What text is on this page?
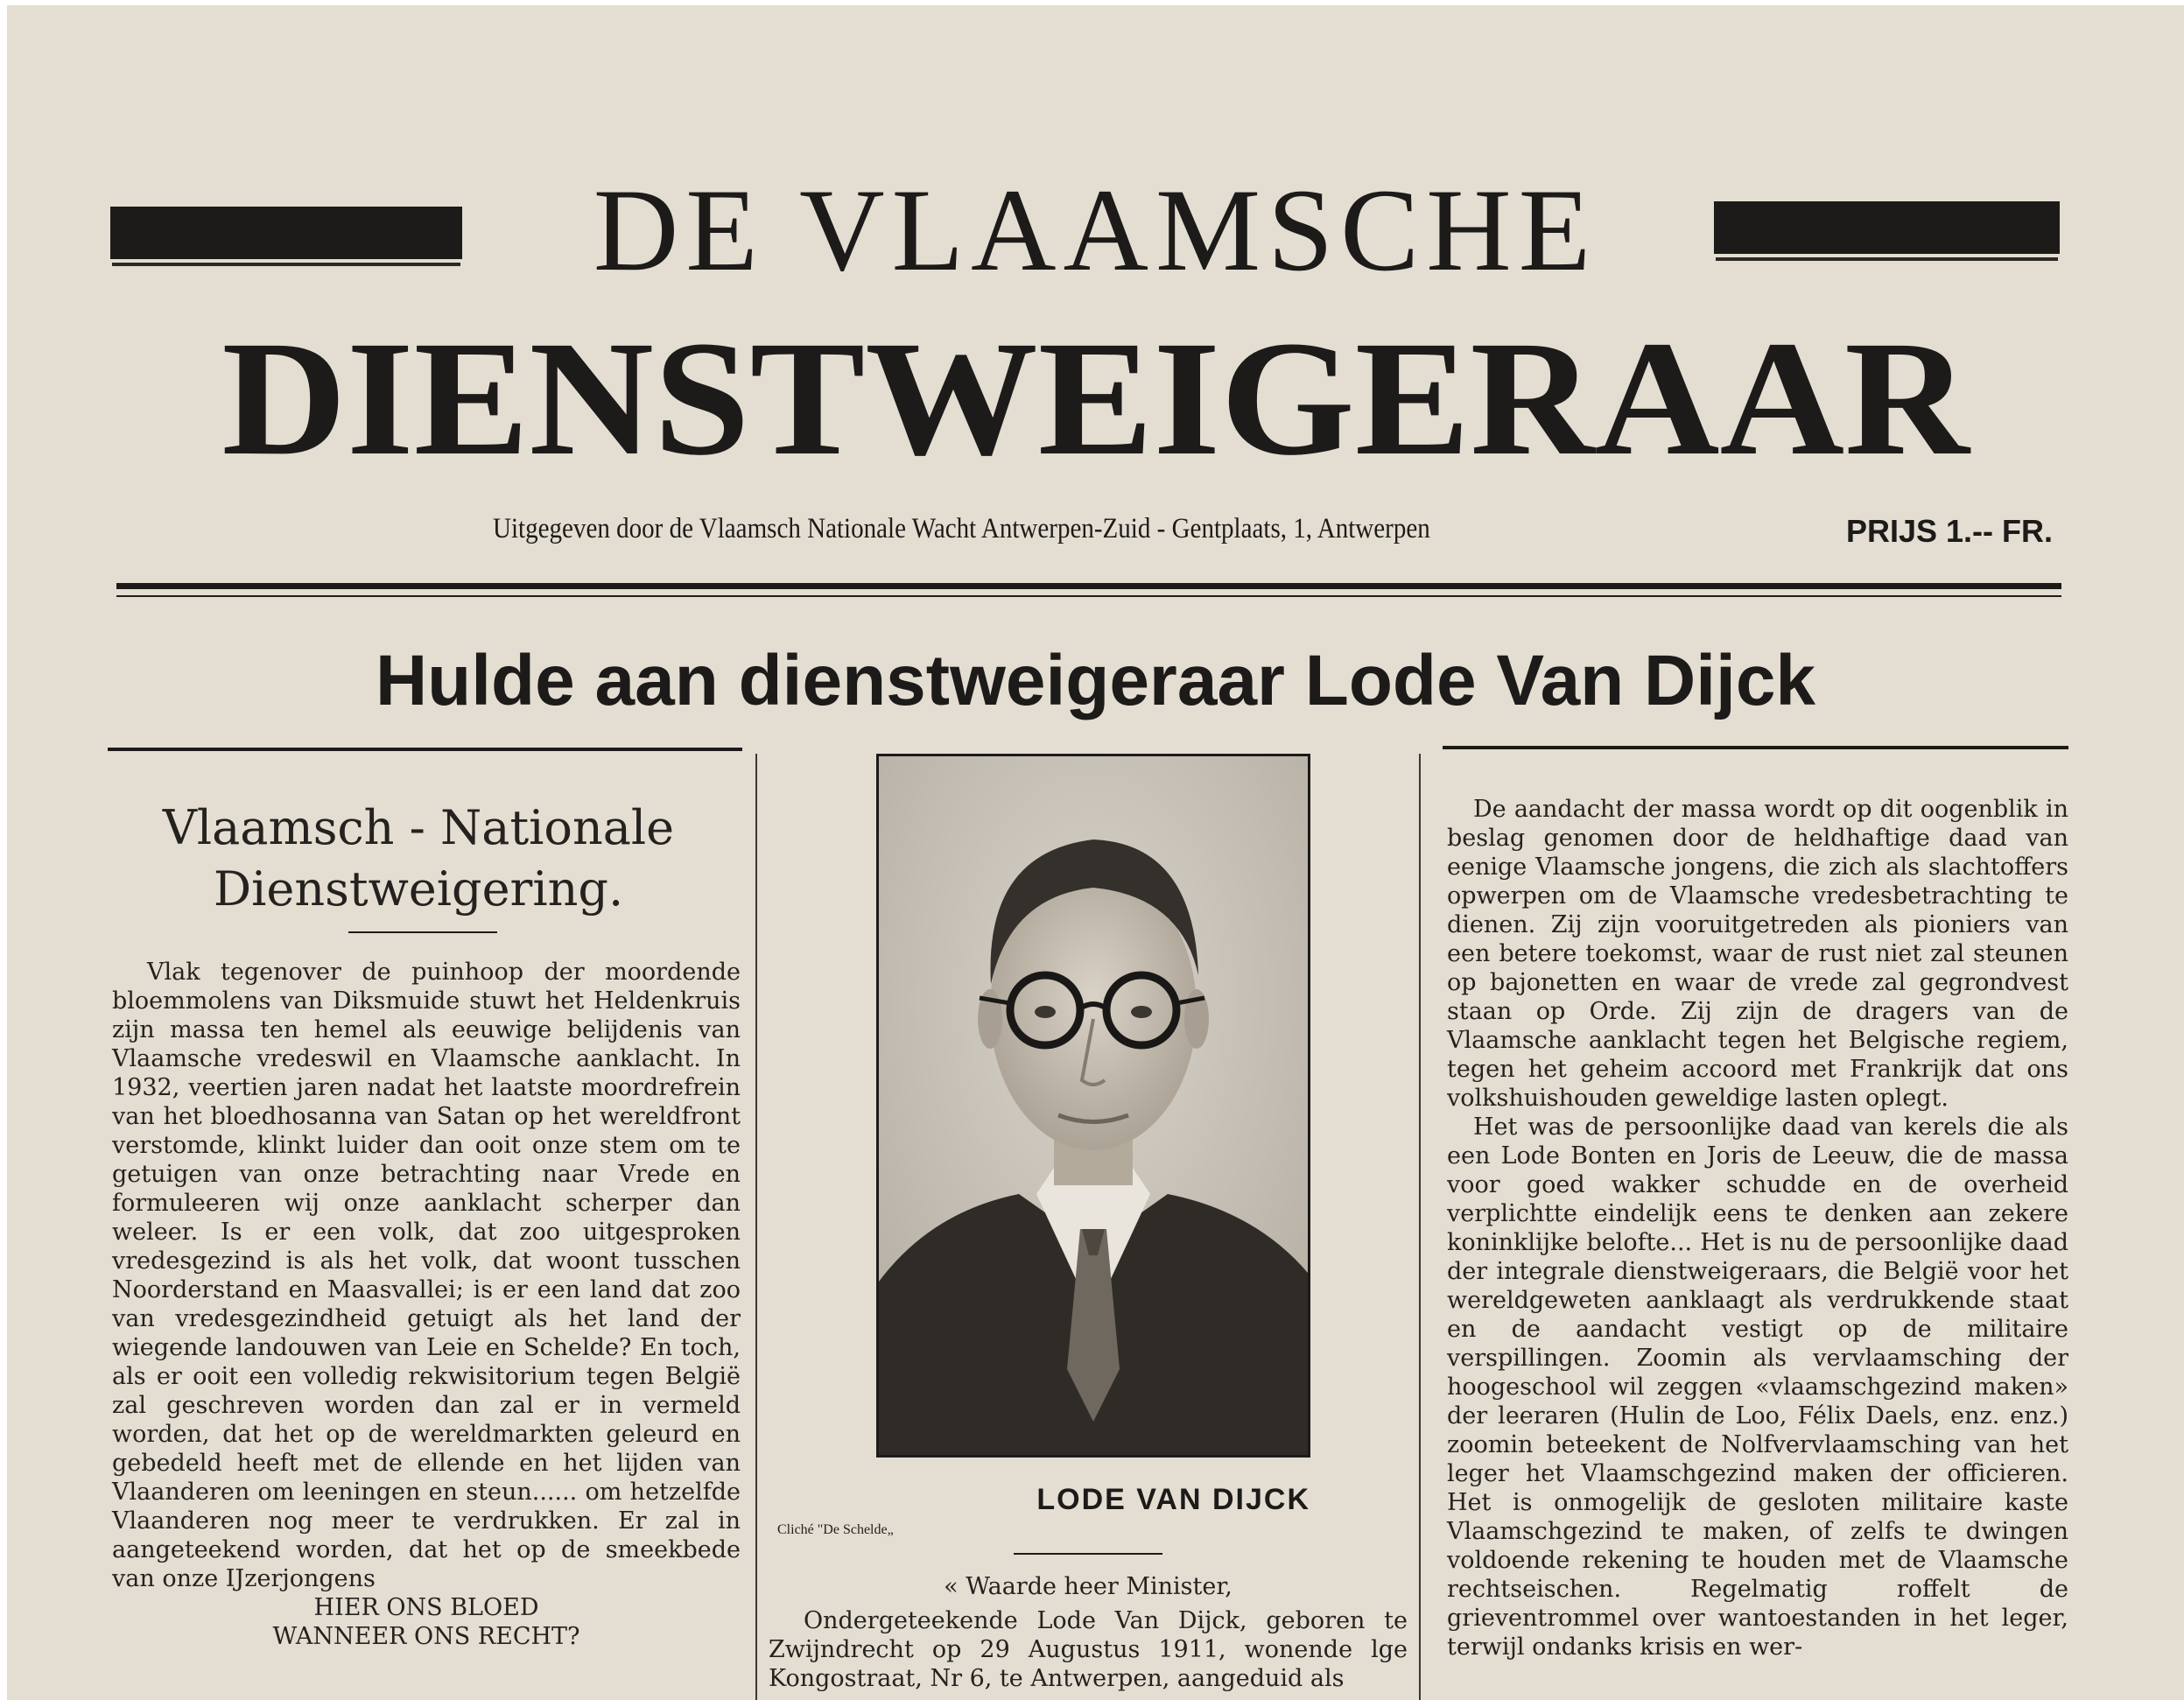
DE VLAAMSCHE
DIENSTWEIGERAAR
Uitgegeven door de Vlaamsch Nationale Wacht Antwerpen-Zuid - Gentplaats, 1, Antwerpen	PRIJS 1.-- FR.
Hulde aan dienstweigeraar Lode Van Dijck
Vlaamsch - Nationale
Dienstweigering.
Vlak tegenover de puinhoop der moordende bloemmolens van Diksmuide stuwt het Heldenkruis zijn massa ten hemel als eeuwige belijdenis van Vlaamsche vredeswil en Vlaamsche aanklacht. In 1932, veertien jaren nadat het laatste moordrefrein van het bloedhosanna van Satan op het wereldfront verstomde, klinkt luider dan ooit onze stem om te getuigen van onze betrachting naar Vrede en formuleeren wij onze aanklacht scherper dan weleer. Is er een volk, dat zoo uitgesproken vredesgezind is als het volk, dat woont tusschen Noorderstand en Maasvallei; is er een land dat zoo van vredesgezindheid getuigt als het land der wiegende landouwen van Leie en Schelde? En toch, als er ooit een volledig rekwisitorium tegen België zal geschreven worden dan zal er in vermeld worden, dat het op de wereldmarkten geleurd en gebedeld heeft met de ellende en het lijden van Vlaanderen om leeningen en steun...... om hetzelfde Vlaanderen nog meer te verdrukken. Er zal in aangeteekend worden, dat het op de smeekbede van onze IJzerjongens

HIER ONS BLOED

WANNEER ONS RECHT?

LODE VAN DIJCK
Cliché "De Schelde„
« Waarde heer Minister,
Ondergeteekende Lode Van Dijck, geboren te Zwijndrecht op 29 Augustus 1911, wonende lge Kongostraat, Nr 6, te Antwerpen, aangeduid als
De aandacht der massa wordt op dit oogenblik in beslag genomen door de heldhaftige daad van eenige Vlaamsche jongens, die zich als slachtoffers opwerpen om de Vlaamsche vredesbetrachting te dienen. Zij zijn vooruitgetreden als pioniers van een betere toekomst, waar de rust niet zal steunen op bajonetten en waar de vrede zal gegrondvest staan op Orde. Zij zijn de dragers van de Vlaamsche aanklacht tegen het Belgische regiem, tegen het geheim accoord met Frankrijk dat ons volkshuishouden geweldige lasten oplegt.
Het was de persoonlijke daad van kerels die als een Lode Bonten en Joris de Leeuw, die de massa voor goed wakker schudde en de overheid verplichtte eindelijk eens te denken aan zekere koninklijke belofte... Het is nu de persoonlijke daad der integrale dienstweigeraars, die België voor het wereldgeweten aanklaagt als verdrukkende staat en de aandacht vestigt op de militaire verspillingen. Zoomin als vervlaamsching der hoogeschool wil zeggen «vlaamschgezind maken» der leeraren (Hulin de Loo, Félix Daels, enz. enz.) zoomin beteekent de Nolfvervlaamsching van het leger het Vlaamschgezind maken der officieren. Het is onmogelijk de gesloten militaire kaste Vlaamschgezind te maken, of zelfs te dwingen voldoende rekening te houden met de Vlaamsche rechtseischen. Regelmatig roffelt de grieventrommel over wantoestanden in het leger, terwijl ondanks krisis en wer-
